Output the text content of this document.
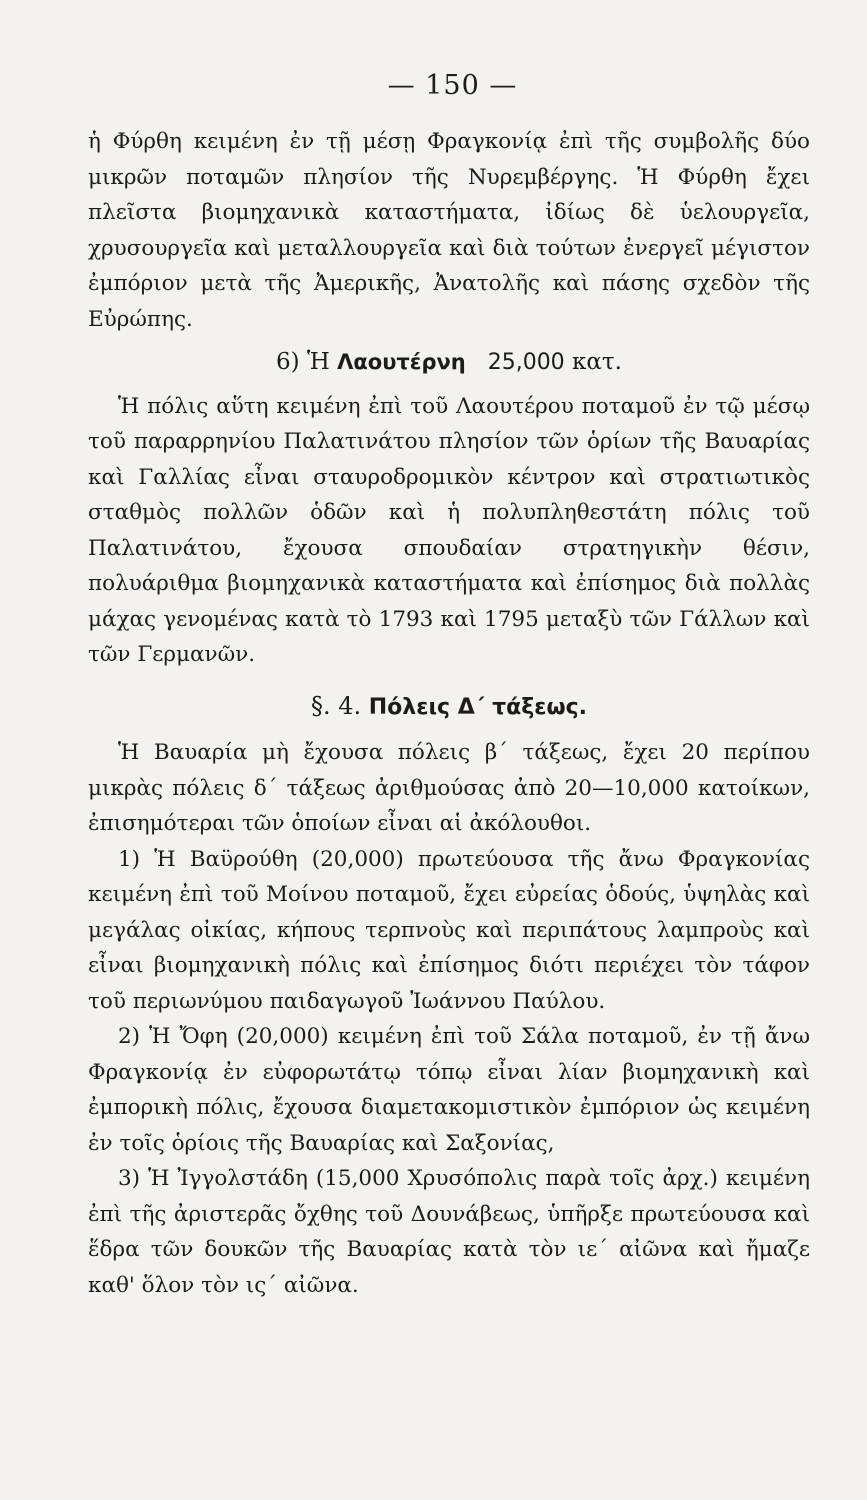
— 150 —

ἡ Φύρθη κειμένη ἐν τῇ μέσῃ Φραγκονίᾳ ἐπὶ τῆς συμβολῆς δύο μικρῶν ποταμῶν πλησίον τῆς Νυρεμβέργης. Ἡ Φύρθη ἔχει πλεῖστα βιομηχανικὰ καταστήματα, ἰδίως δὲ ὑελουργεῖα, χρυσουργεῖα καὶ μεταλλουργεῖα καὶ διὰ τούτων ἐνεργεῖ μέγιστον ἐμπόριον μετὰ τῆς Ἀμερικῆς, Ἀνατολῆς καὶ πάσης σχεδὸν τῆς Εὐρώπης.

6) Ἡ Λαουτέρνη 25,000 κατ.

Ἡ πόλις αὕτη κειμένη ἐπὶ τοῦ Λαουτέρου ποταμοῦ ἐν τῷ μέσῳ τοῦ παραρρηνίου Παλατινάτου πλησίον τῶν ὁρίων τῆς Βαυαρίας καὶ Γαλλίας εἶναι σταυροδρομικὸν κέντρον καὶ στρατιωτικὸς σταθμὸς πολλῶν ὁδῶν καὶ ἡ πολυπληθεστάτη πόλις τοῦ Παλατινάτου, ἔχουσα σπουδαίαν στρατηγικὴν θέσιν, πολυάριθμα βιομηχανικὰ καταστήματα καὶ ἐπίσημος διὰ πολλὰς μάχας γενομένας κατὰ τὸ 1793 καὶ 1795 μεταξὺ τῶν Γάλλων καὶ τῶν Γερμανῶν.

§. 4. Πόλεις Δ΄ τάξεως.

Ἡ Βαυαρία μὴ ἔχουσα πόλεις β΄ τάξεως, ἔχει 20 περίπου μικρὰς πόλεις δ΄ τάξεως ἀριθμούσας ἀπὸ 20—10,000 κατοίκων, ἐπισημότεραι τῶν ὁποίων εἶναι αἱ ἀκόλουθοι.

1) Ἡ Βαϋρούθη (20,000) πρωτεύουσα τῆς ἄνω Φραγκονίας κειμένη ἐπὶ τοῦ Μοίνου ποταμοῦ, ἔχει εὐρείας ὁδούς, ὑψηλὰς καὶ μεγάλας οἰκίας, κήπους τερπνοὺς καὶ περιπάτους λαμπροὺς καὶ εἶναι βιομηχανικὴ πόλις καὶ ἐπίσημος διότι περιέχει τὸν τάφον τοῦ περιωνύμου παιδαγωγοῦ Ἰωάννου Παύλου.

2) Ἡ Ὄφη (20,000) κειμένη ἐπὶ τοῦ Σάλα ποταμοῦ, ἐν τῇ ἄνω Φραγκονίᾳ ἐν εὐφορωτάτῳ τόπῳ εἶναι λίαν βιομηχανικὴ καὶ ἐμπορικὴ πόλις, ἔχουσα διαμετακομιστικὸν ἐμπόριον ὡς κειμένη ἐν τοῖς ὁρίοις τῆς Βαυαρίας καὶ Σαξονίας,

3) Ἡ Ἰγγολστάδη (15,000 Χρυσόπολις παρὰ τοῖς ἀρχ.) κειμένη ἐπὶ τῆς ἀριστερᾶς ὄχθης τοῦ Δουνάβεως, ὑπῆρξε πρωτεύουσα καὶ ἕδρα τῶν δουκῶν τῆς Βαυαρίας κατὰ τὸν ιε΄ αἰῶνα καὶ ἤμαζε καθ' ὅλον τὸν ις΄ αἰῶνα.
